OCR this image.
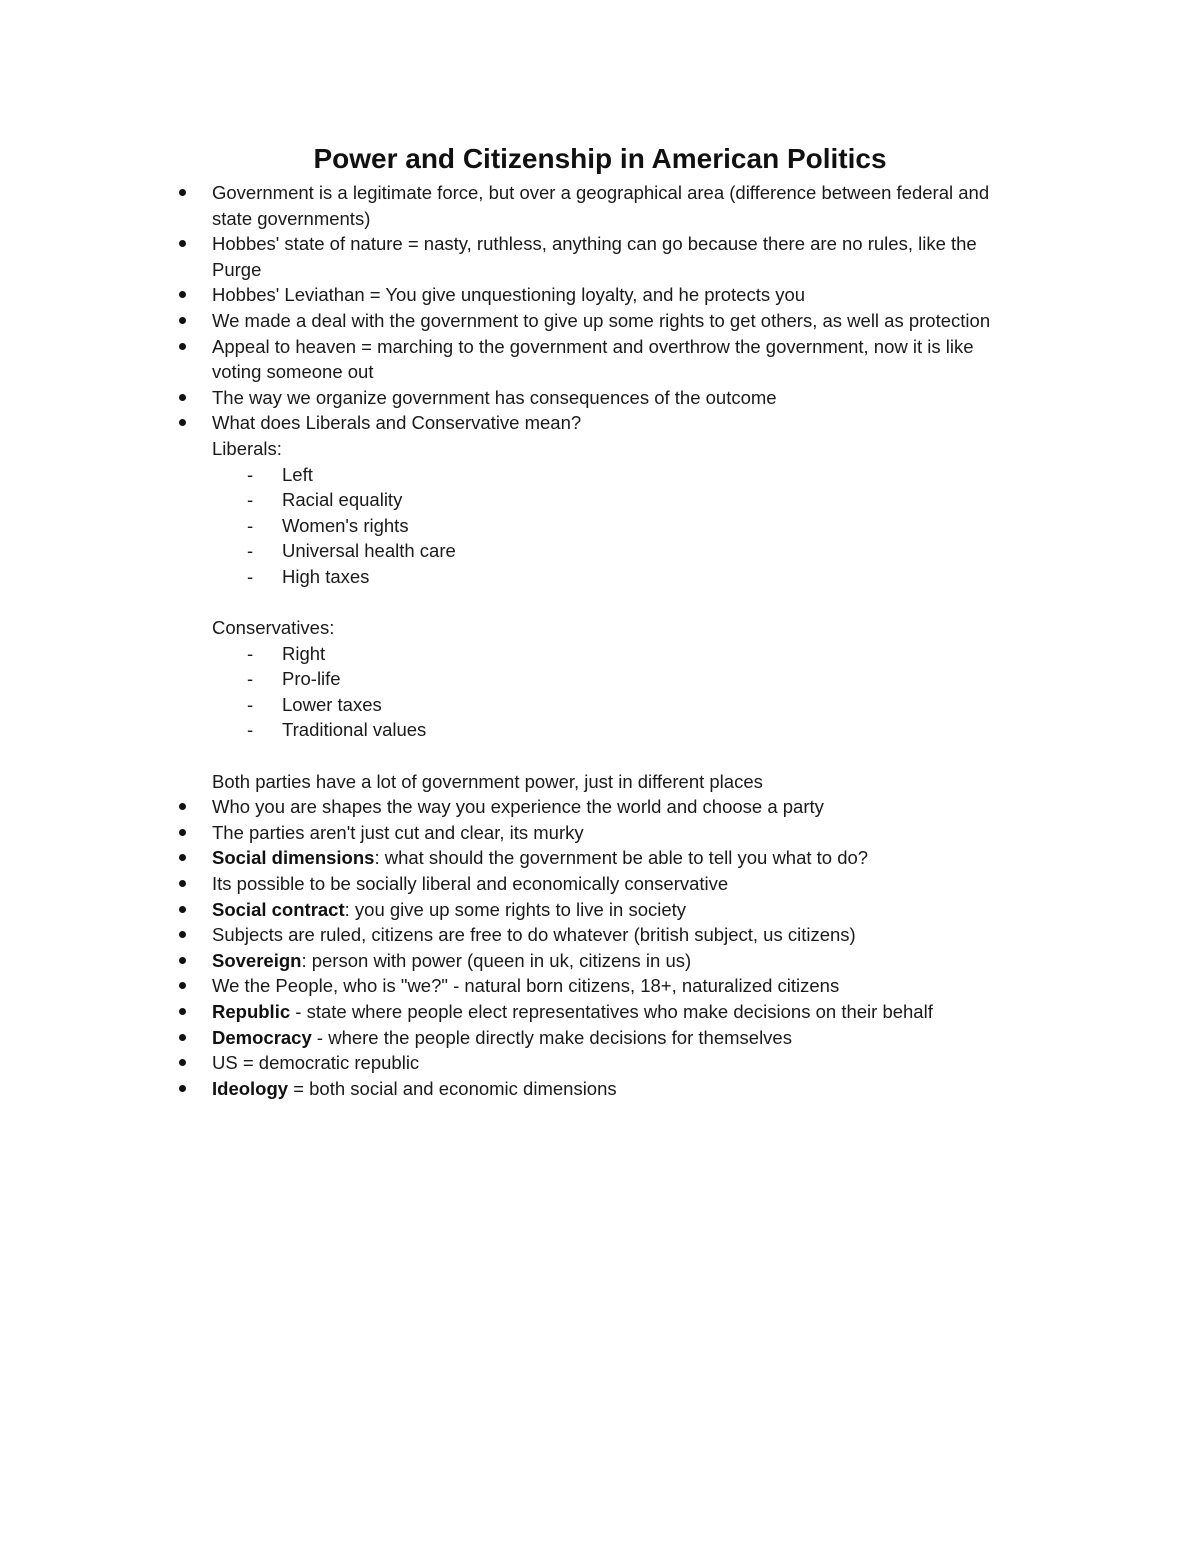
Power and Citizenship in American Politics
Government is a legitimate force, but over a geographical area (difference between federal and
state governments)
Hobbes' state of nature = nasty, ruthless, anything can go because there are no rules, like the
Purge
Hobbes' Leviathan = You give unquestioning loyalty, and he protects you
We made a deal with the government to give up some rights to get others, as well as protection
Appeal to heaven = marching to the government and overthrow the government, now it is like
voting someone out
The way we organize government has consequences of the outcome
What does Liberals and Conservative mean?
Liberals:
- Left
- Racial equality
- Women's rights
- Universal health care
- High taxes
Conservatives:
- Right
- Pro-life
- Lower taxes
- Traditional values
Both parties have a lot of government power, just in different places
Who you are shapes the way you experience the world and choose a party
The parties aren't just cut and clear, its murky
Social dimensions: what should the government be able to tell you what to do?
Its possible to be socially liberal and economically conservative
Social contract: you give up some rights to live in society
Subjects are ruled, citizens are free to do whatever (british subject, us citizens)
Sovereign: person with power (queen in uk, citizens in us)
We the People, who is "we?" - natural born citizens, 18+, naturalized citizens
Republic - state where people elect representatives who make decisions on their behalf
Democracy - where the people directly make decisions for themselves
US = democratic republic
Ideology = both social and economic dimensions
